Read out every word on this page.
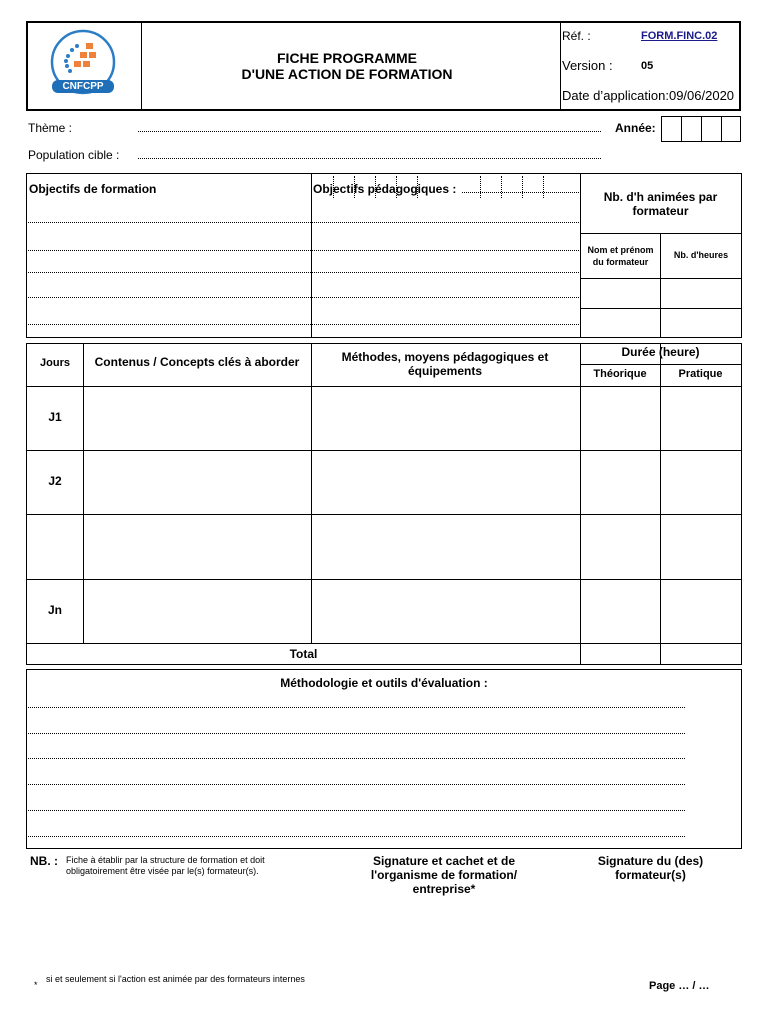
CNFCPP
FICHE PROGRAMME
D'UNE ACTION DE FORMATION
Réf. :	FORM.FINC.02
Version :	05
Date d’application:09/06/2020
Thème :	Année:
Population cible :
Objectifs de formation	Objectifs pédagogiques :
Nb. d'h animées par formateur
Nom et prénom du formateur
Nb. d'heures
Jours	Contenus / Concepts clés à aborder	Méthodes, moyens pédagogiques et équipements
Durée (heure)
Théorique	Pratique
J1
J2
Jn
Total
Méthodologie et outils d'évaluation :
NB. : Fiche à établir par la structure de formation et doit obligatoirement être visée par le(s) formateur(s).
Signature et cachet et de l'organisme de formation/ entreprise*
Signature du (des) formateur(s)
*
si et seulement si l'action est animée par des formateurs internes
Page … / …
